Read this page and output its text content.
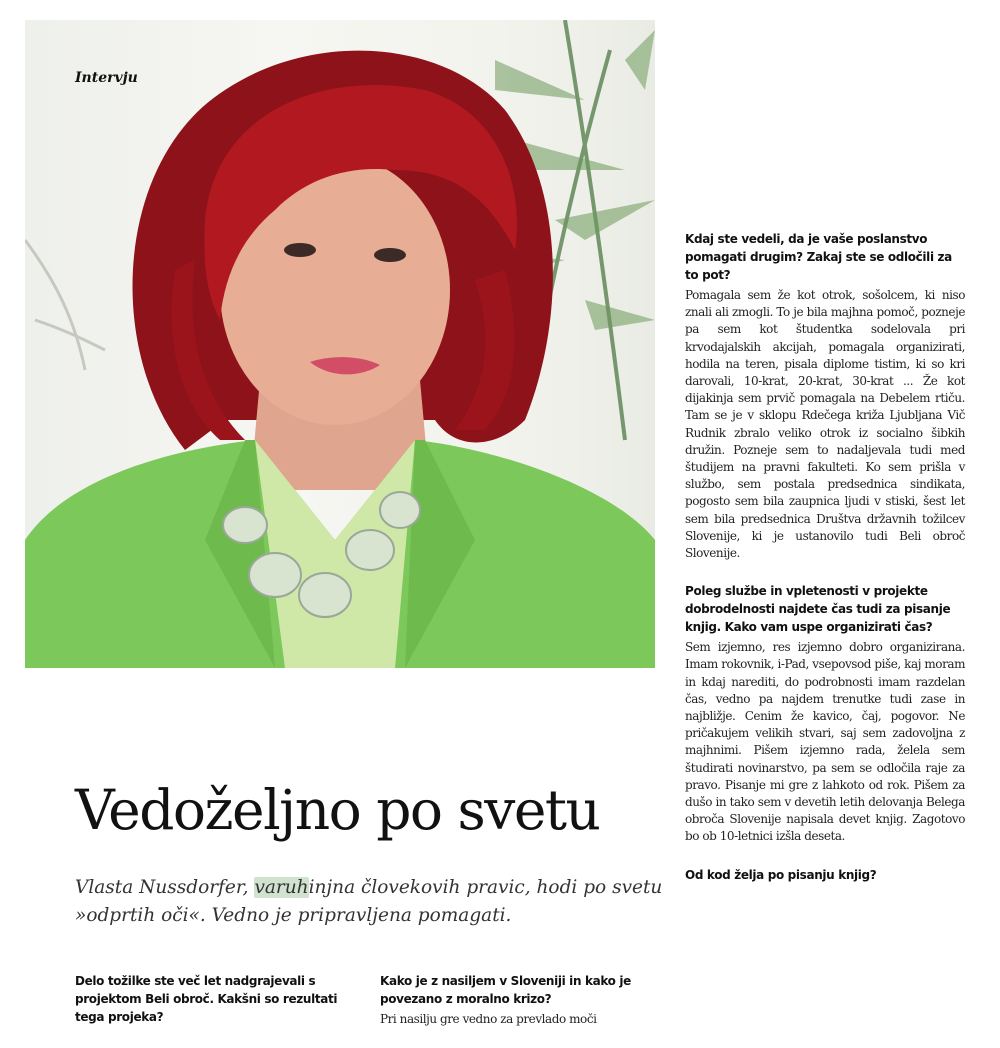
Intervju

Vedoželjno po svetu

Vlasta Nussdorfer, varuhinjna človekovih pravic, hodi po svetu »odprtih oči«. Vedno je pripravljena pomagati.

Kdaj ste vedeli, da je vaše poslanstvo pomagati drugim? Zakaj ste se odločili za to pot?

Pomagala sem že kot otrok, sošolcem, ki niso znali ali zmogli. To je bila majhna pomoč, pozneje pa sem kot študentka sodelovala pri krvodajalskih akcijah, pomagala organizirati, hodila na teren, pisala diplome tistim, ki so kri darovali, 10-krat, 20-krat, 30-krat ... Že kot dijakinja sem prvič pomagala na Debelem rtiču. Tam se je v sklopu Rdečega križa Ljubljana Vič Rudnik zbralo veliko otrok iz socialno šibkih družin. Pozneje sem to nadaljevala tudi med študijem na pravni fakulteti. Ko sem prišla v službo, sem postala predsednica sindikata, pogosto sem bila zaupnica ljudi v stiski, šest let sem bila predsednica Društva državnih tožilcev Slovenije, ki je ustanovilo tudi Beli obroč Slovenije.

Poleg službe in vpletenosti v projekte dobrodelnosti najdete čas tudi za pisanje knjig. Kako vam uspe organizirati čas?

Sem izjemno, res izjemno dobro organizirana. Imam rokovnik, i-Pad, vsepovsod piše, kaj moram in kdaj narediti, do podrobnosti imam razdelan čas, vedno pa najdem trenutke tudi zase in najbližje. Cenim že kavico, čaj, pogovor. Ne pričakujem velikih stvari, saj sem zadovoljna z majhnimi. Pišem izjemno rada, želela sem študirati novinarstvo, pa sem se odločila raje za pravo. Pisanje mi gre z lahkoto od rok. Pišem za dušo in tako sem v devetih letih delovanja Belega obroča Slovenije napisala devet knjig. Zagotovo bo ob 10-letnici izšla deseta.

Od kod želja po pisanju knjig?

Delo tožilke ste več let nadgrajevali s projektom Beli obroč. Kakšni so rezultati tega projeka?

Kako je z nasiljem v Sloveniji in kako je povezano z moralno krizo?

Pri nasilju gre vedno za prevlado moči
